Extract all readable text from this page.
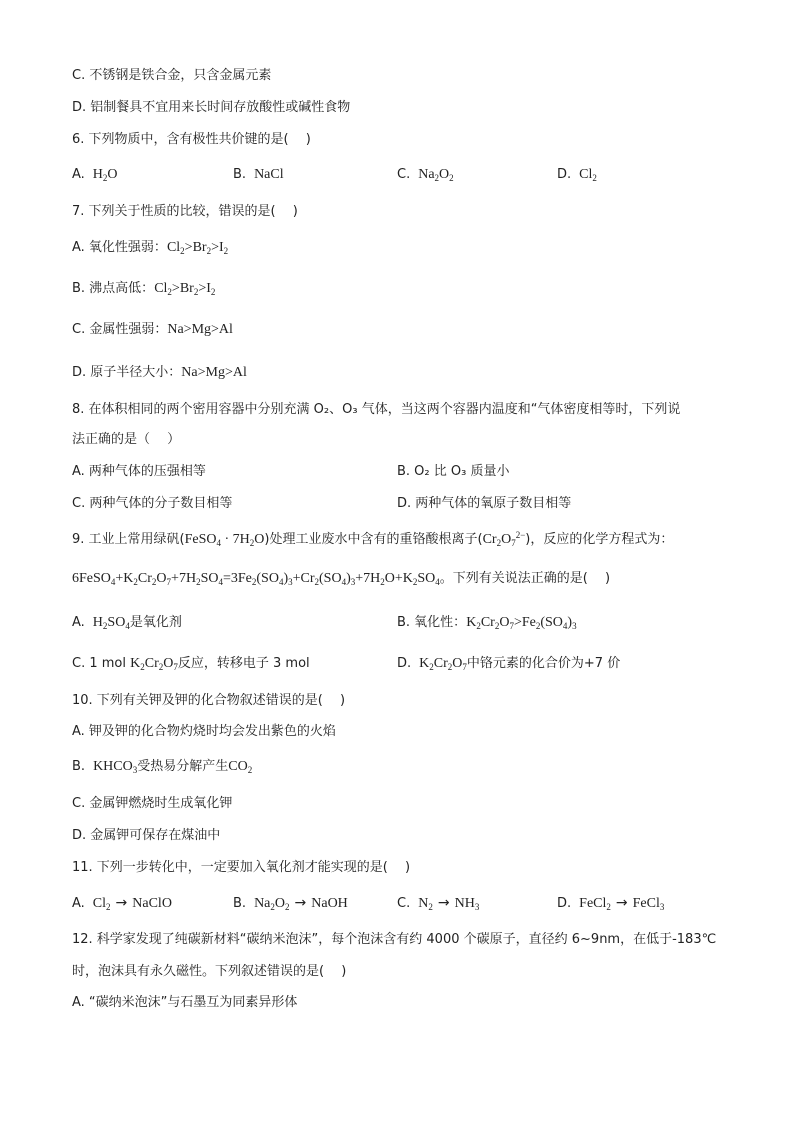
C. 不锈钢是铁合金，只含金属元素
D. 铝制餐具不宜用来长时间存放酸性或碱性食物
6. 下列物质中，含有极性共价键的是(　 )
A. $H_2O$	B. NaCl	C. $Na_2O_2$	D. $Cl_2$
7. 下列关于性质的比较，错误的是(　 )
A. 氧化性强弱：$Cl_2>Br_2>I_2$
B. 沸点高低：$Cl_2>Br_2>I_2$
C. 金属性强弱：Na>Mg>Al
D. 原子半径大小：Na>Mg>Al
8. 在体积相同的两个密用容器中分别充满 O₂、O₃ 气体，当这两个容器内温度和“气体密度相等时，下列说
法正确的是（　 ）
A. 两种气体的压强相等	B. O₂ 比 O₃ 质量小
C. 两种气体的分子数目相等	D. 两种气体的氧原子数目相等
9. 工业上常用绿矾(FeSO$_4$ · $7H_2O$)处理工业废水中含有的重铬酸根离子$(Cr_2O_7^{2-})$，反应的化学方程式为：
$6FeSO_4+K_2Cr_2O_7+7H_2SO_4=3Fe_2(SO_4)_3+Cr_2(SO_4)_3+7H_2O+K_2SO_4$。下列有关说法正确的是(　 )
A. $H_2SO_4$是氧化剂	B. 氧化性：$K_2Cr_2O_7>Fe_2(SO_4)_3$
C. 1 mol $K_2Cr_2O_7$反应，转移电子 3 mol	D. $K_2Cr_2O_7$中铬元素的化合价为+7 价
10. 下列有关钾及钾的化合物叙述错误的是(　 )
A. 钾及钾的化合物灼烧时均会发出紫色的火焰
B. $KHCO_3$受热易分解产生$CO_2$
C. 金属钾燃烧时生成氧化钾
D. 金属钾可保存在煤油中
11. 下列一步转化中，一定要加入氧化剂才能实现的是(　 )
A. $Cl_2$ → NaClO	B. $Na_2O_2$ → NaOH	C. $N_2 \to NH_3$	D. FeCl$_2$ → FeCl$_3$
12. 科学家发现了纯碳新材料“碳纳米泡沫”，每个泡沫含有约 4000 个碳原子，直径约 6~9nm，在低于-183℃
时，泡沫具有永久磁性。下列叙述错误的是(　 )
A. “碳纳米泡沫”与石墨互为同素异形体
